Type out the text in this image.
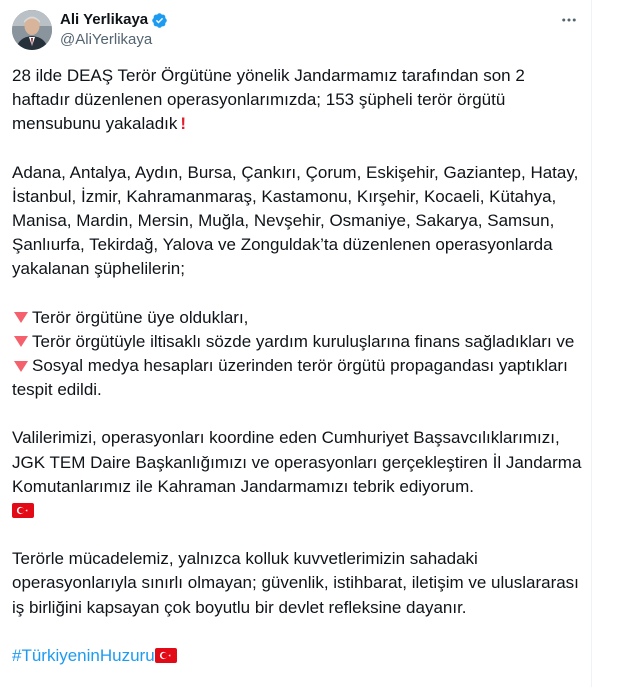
Ali Yerlikaya
@AliYerlikaya

28 ilde DEAŞ Terör Örgütüne yönelik Jandarmamız tarafından son 2 haftadır düzenlenen operasyonlarımızda; 153 şüpheli terör örgütü mensubunu yakaladık !

Adana, Antalya, Aydın, Bursa, Çankırı, Çorum, Eskişehir, Gaziantep, Hatay, İstanbul, İzmir, Kahramanmaraş, Kastamonu, Kırşehir, Kocaeli, Kütahya, Manisa, Mardin, Mersin, Muğla, Nevşehir, Osmaniye, Sakarya, Samsun, Şanlıurfa, Tekirdağ, Yalova ve Zonguldak’ta düzenlenen operasyonlarda yakalanan şüphelilerin;

Terör örgütüne üye oldukları,

Terör örgütüyle iltisaklı sözde yardım kuruluşlarına finans sağladıkları ve

Sosyal medya hesapları üzerinden terör örgütü propagandası yaptıkları tespit edildi.

Valilerimizi, operasyonları koordine eden Cumhuriyet Başsavcılıklarımızı, JGK TEM Daire Başkanlığımızı ve operasyonları gerçekleştiren İl Jandarma Komutanlarımız ile Kahraman Jandarmamızı tebrik ediyorum.

Terörle mücadelemiz, yalnızca kolluk kuvvetlerimizin sahadaki operasyonlarıyla sınırlı olmayan; güvenlik, istihbarat, iletişim ve uluslararası iş birliğini kapsayan çok boyutlu bir devlet refleksine dayanır.

#TürkiyeninHuzuru
